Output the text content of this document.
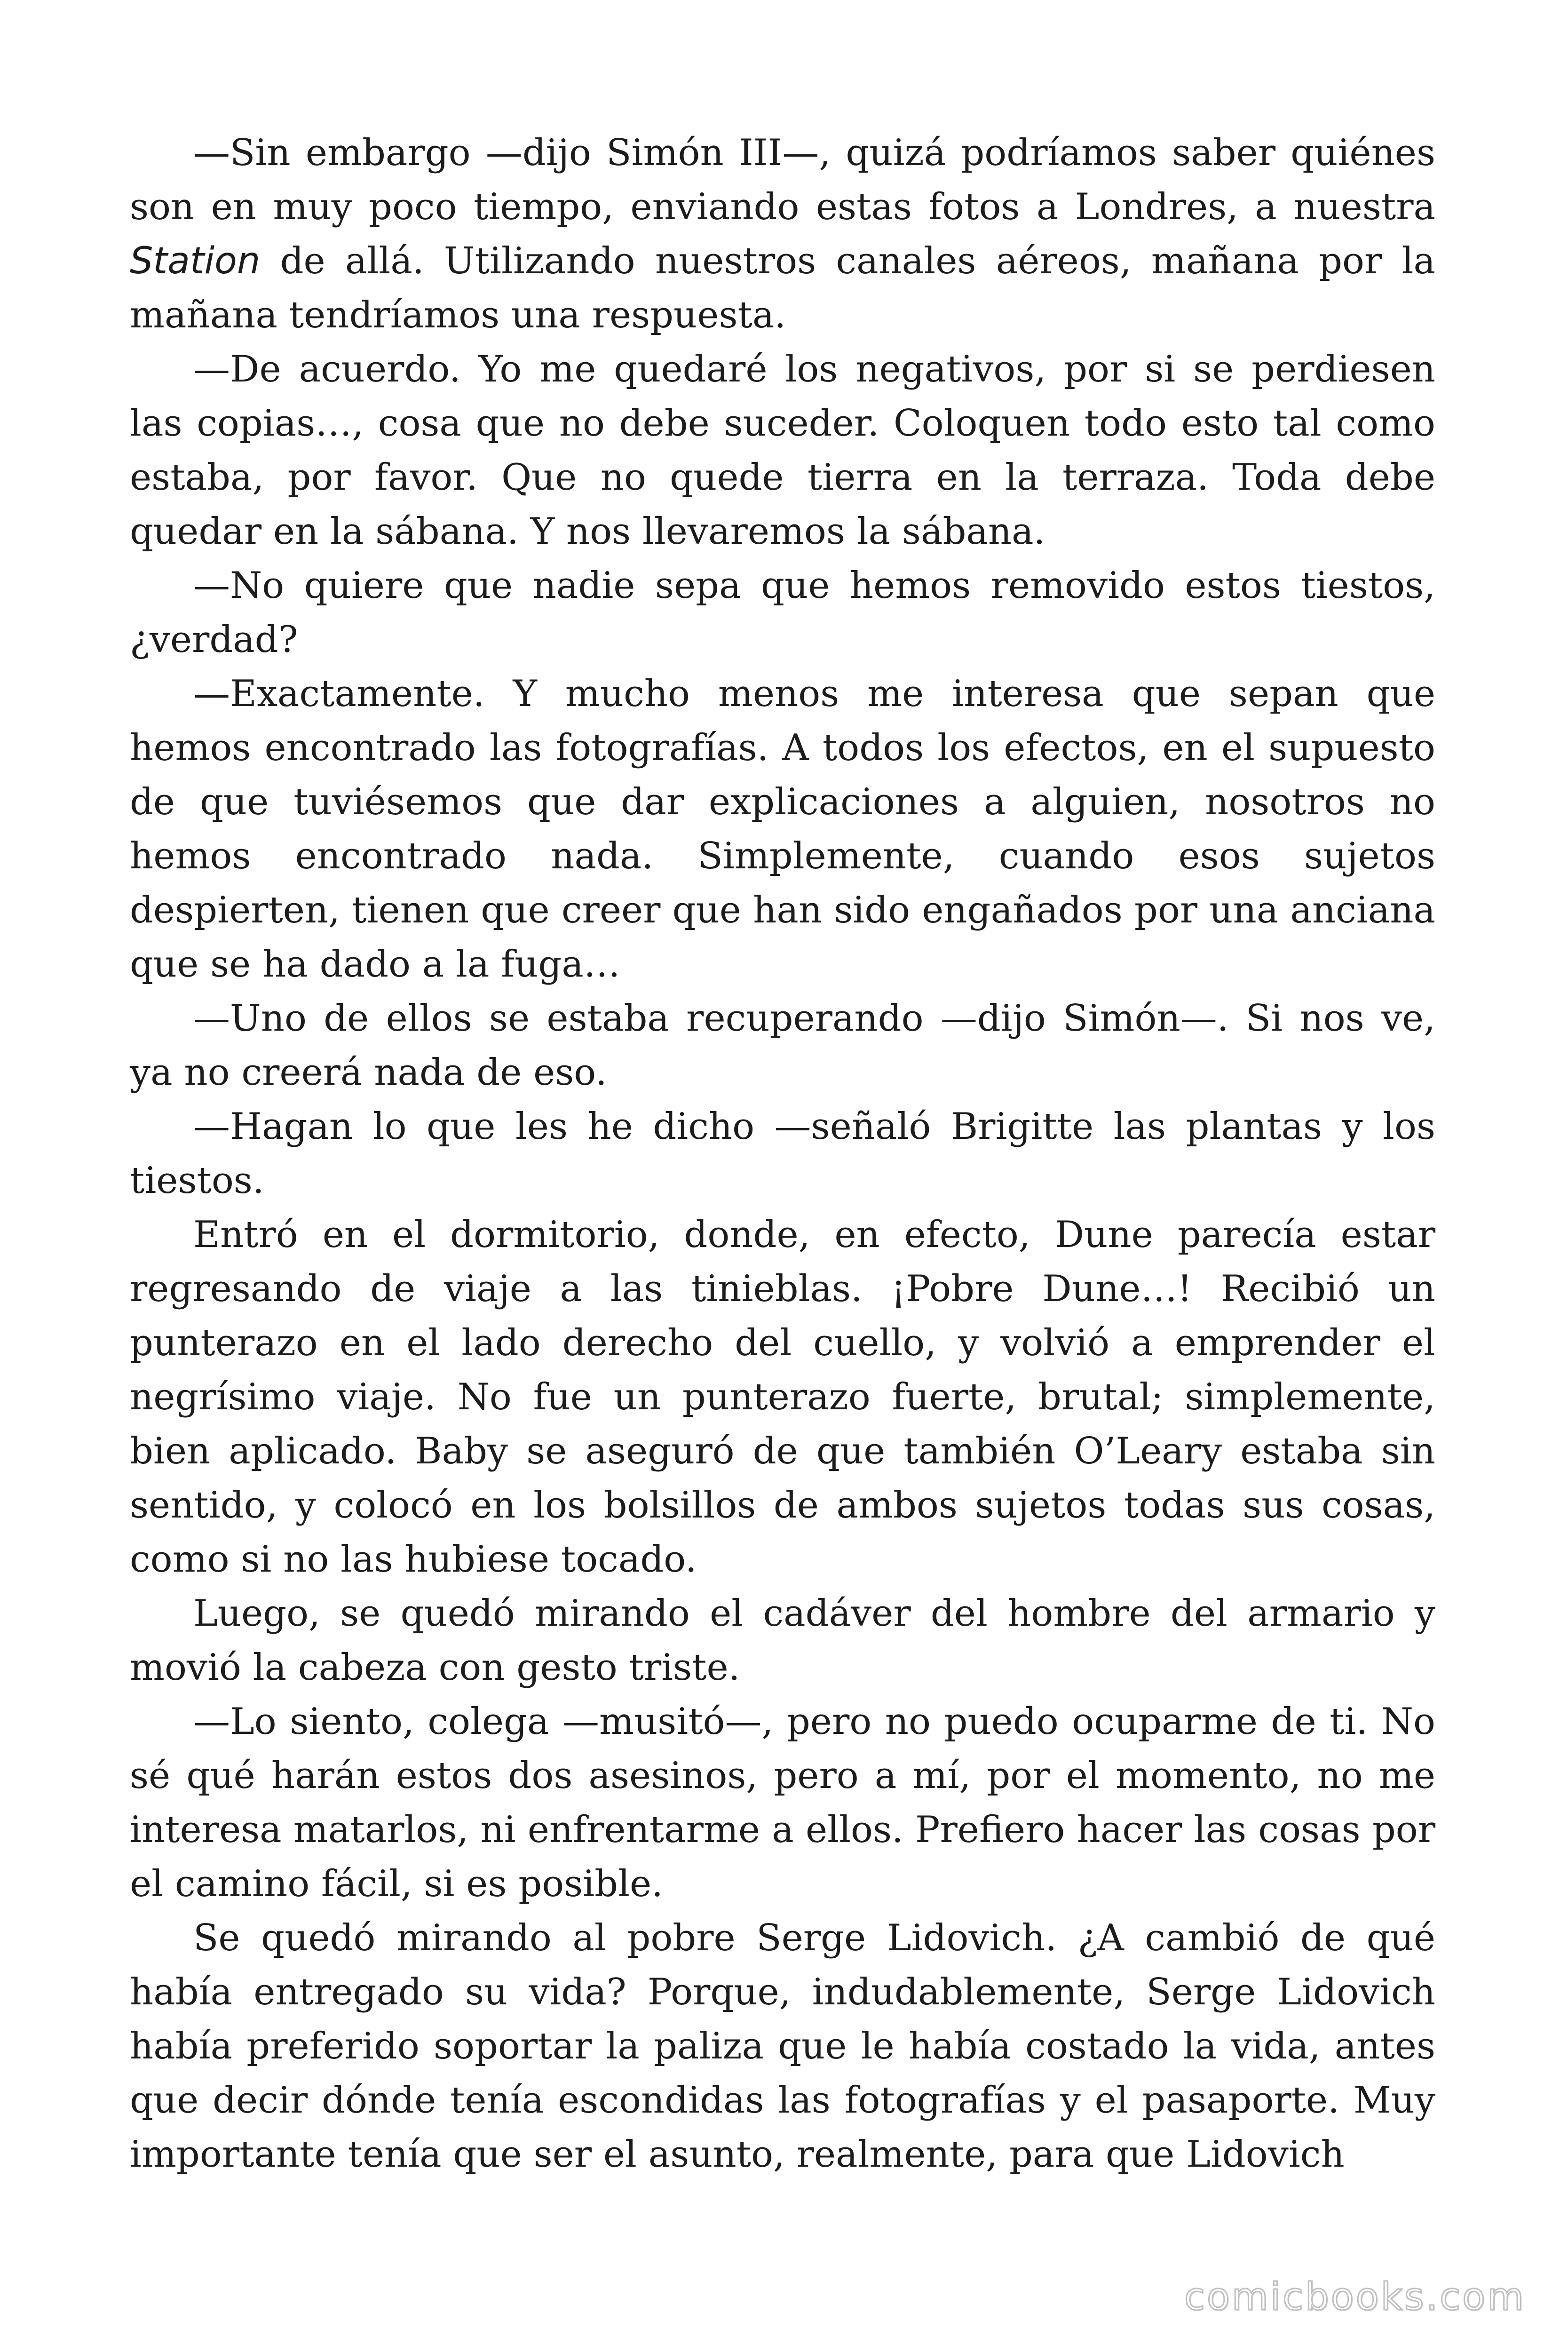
—Sin embargo —dijo Simón III—, quizá podríamos saber quiénes son en muy poco tiempo, enviando estas fotos a Londres, a nuestra Station de allá. Utilizando nuestros canales aéreos, mañana por la mañana tendríamos una respuesta.

—De acuerdo. Yo me quedaré los negativos, por si se perdiesen las copias…, cosa que no debe suceder. Coloquen todo esto tal como estaba, por favor. Que no quede tierra en la terraza. Toda debe quedar en la sábana. Y nos llevaremos la sábana.

—No quiere que nadie sepa que hemos removido estos tiestos, ¿verdad?

—Exactamente. Y mucho menos me interesa que sepan que hemos encontrado las fotografías. A todos los efectos, en el supuesto de que tuviésemos que dar explicaciones a alguien, nosotros no hemos encontrado nada. Simplemente, cuando esos sujetos despierten, tienen que creer que han sido engañados por una anciana que se ha dado a la fuga…

—Uno de ellos se estaba recuperando —dijo Simón—. Si nos ve, ya no creerá nada de eso.

—Hagan lo que les he dicho —señaló Brigitte las plantas y los tiestos.

Entró en el dormitorio, donde, en efecto, Dune parecía estar regresando de viaje a las tinieblas. ¡Pobre Dune…! Recibió un punterazo en el lado derecho del cuello, y volvió a emprender el negrísimo viaje. No fue un punterazo fuerte, brutal; simplemente, bien aplicado. Baby se aseguró de que también O’Leary estaba sin sentido, y colocó en los bolsillos de ambos sujetos todas sus cosas, como si no las hubiese tocado.

Luego, se quedó mirando el cadáver del hombre del armario y movió la cabeza con gesto triste.

—Lo siento, colega —musitó—, pero no puedo ocuparme de ti. No sé qué harán estos dos asesinos, pero a mí, por el momento, no me interesa matarlos, ni enfrentarme a ellos. Prefiero hacer las cosas por el camino fácil, si es posible.

Se quedó mirando al pobre Serge Lidovich. ¿A cambió de qué había entregado su vida? Porque, indudablemente, Serge Lidovich había preferido soportar la paliza que le había costado la vida, antes que decir dónde tenía escondidas las fotografías y el pasaporte. Muy importante tenía que ser el asunto, realmente, para que Lidovich

comicbooks.com
